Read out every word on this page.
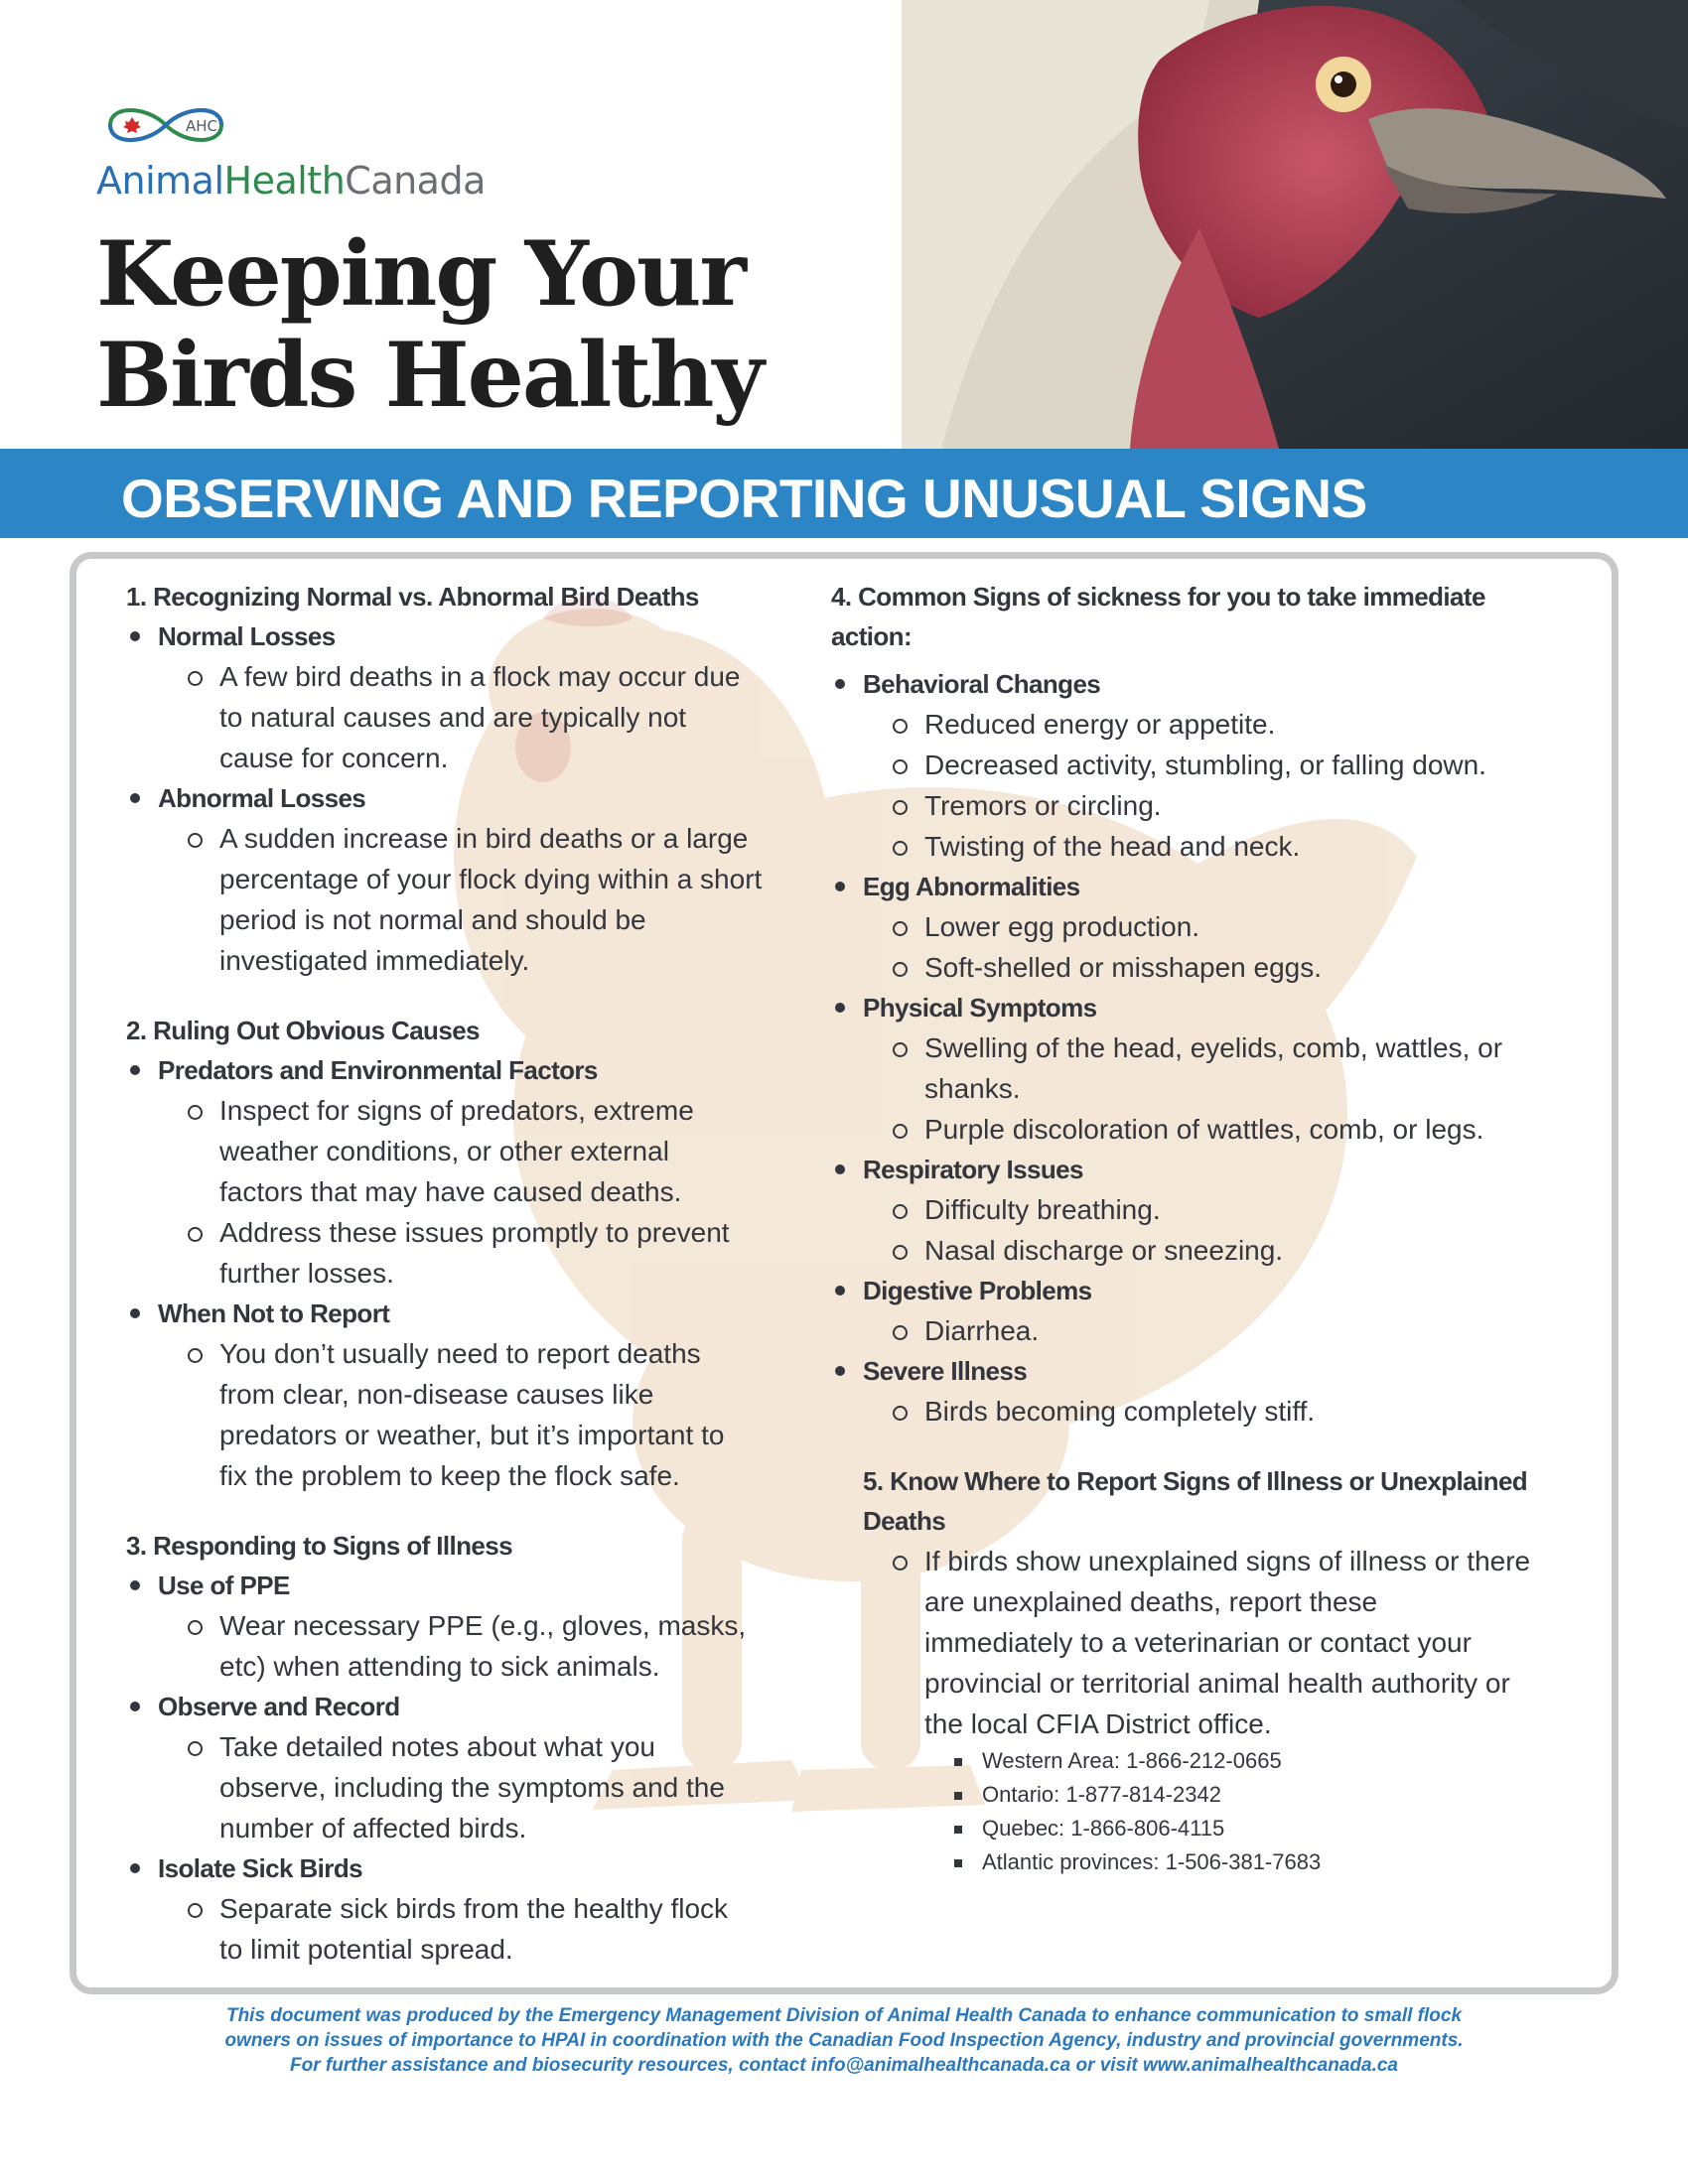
AHC
AnimalHealthCanada
Keeping Your
Birds Healthy
OBSERVING AND REPORTING UNUSUAL SIGNS
1. Recognizing Normal vs. Abnormal Bird Deaths
Normal Losses
A few bird deaths in a flock may occur due
to natural causes and are typically not
cause for concern.
Abnormal Losses
A sudden increase in bird deaths or a large
percentage of your flock dying within a short
period is not normal and should be
investigated immediately.
2. Ruling Out Obvious Causes
Predators and Environmental Factors
Inspect for signs of predators, extreme
weather conditions, or other external
factors that may have caused deaths.
Address these issues promptly to prevent
further losses.
When Not to Report
You don’t usually need to report deaths
from clear, non-disease causes like
predators or weather, but it’s important to
fix the problem to keep the flock safe.
3. Responding to Signs of Illness
Use of PPE
Wear necessary PPE (e.g., gloves, masks,
etc) when attending to sick animals.
Observe and Record
Take detailed notes about what you
observe, including the symptoms and the
number of affected birds.
Isolate Sick Birds
Separate sick birds from the healthy flock
to limit potential spread.
4. Common Signs of sickness for you to take immediate
action:
Behavioral Changes
Reduced energy or appetite.
Decreased activity, stumbling, or falling down.
Tremors or circling.
Twisting of the head and neck.
Egg Abnormalities
Lower egg production.
Soft-shelled or misshapen eggs.
Physical Symptoms
Swelling of the head, eyelids, comb, wattles, or
shanks.
Purple discoloration of wattles, comb, or legs.
Respiratory Issues
Difficulty breathing.
Nasal discharge or sneezing.
Digestive Problems
Diarrhea.
Severe Illness
Birds becoming completely stiff.
5. Know Where to Report Signs of Illness or Unexplained
Deaths
If birds show unexplained signs of illness or there
are unexplained deaths, report these
immediately to a veterinarian or contact your
provincial or territorial animal health authority or
the local CFIA District office.
Western Area: 1-866-212-0665
Ontario: 1-877-814-2342
Quebec: 1-866-806-4115
Atlantic provinces: 1-506-381-7683
This document was produced by the Emergency Management Division of Animal Health Canada to enhance communication to small flock
owners on issues of importance to HPAI in coordination with the Canadian Food Inspection Agency, industry and provincial governments.
For further assistance and biosecurity resources, contact info@animalhealthcanada.ca or visit www.animalhealthcanada.ca
